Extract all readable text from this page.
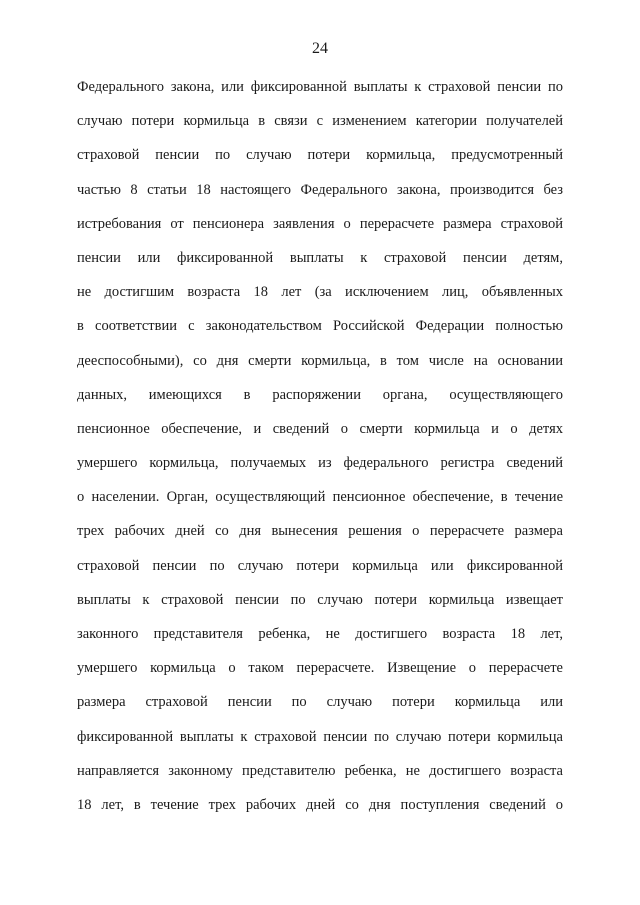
24
Федерального закона, или фиксированной выплаты к страховой пенсии по
случаю потери кормильца в связи с изменением категории получателей
страховой пенсии по случаю потери кормильца, предусмотренный
частью 8 статьи 18 настоящего Федерального закона, производится без
истребования от пенсионера заявления о перерасчете размера страховой
пенсии или фиксированной выплаты к страховой пенсии детям,
не достигшим возраста 18 лет (за исключением лиц, объявленных
в соответствии с законодательством Российской Федерации полностью
дееспособными), со дня смерти кормильца, в том числе на основании
данных, имеющихся в распоряжении органа, осуществляющего
пенсионное обеспечение, и сведений о смерти кормильца и о детях
умершего кормильца, получаемых из федерального регистра сведений
о населении. Орган, осуществляющий пенсионное обеспечение, в течение
трех рабочих дней со дня вынесения решения о перерасчете размера
страховой пенсии по случаю потери кормильца или фиксированной
выплаты к страховой пенсии по случаю потери кормильца извещает
законного представителя ребенка, не достигшего возраста 18 лет,
умершего кормильца о таком перерасчете. Извещение о перерасчете
размера страховой пенсии по случаю потери кормильца или
фиксированной выплаты к страховой пенсии по случаю потери кормильца
направляется законному представителю ребенка, не достигшего возраста
18 лет, в течение трех рабочих дней со дня поступления сведений о
